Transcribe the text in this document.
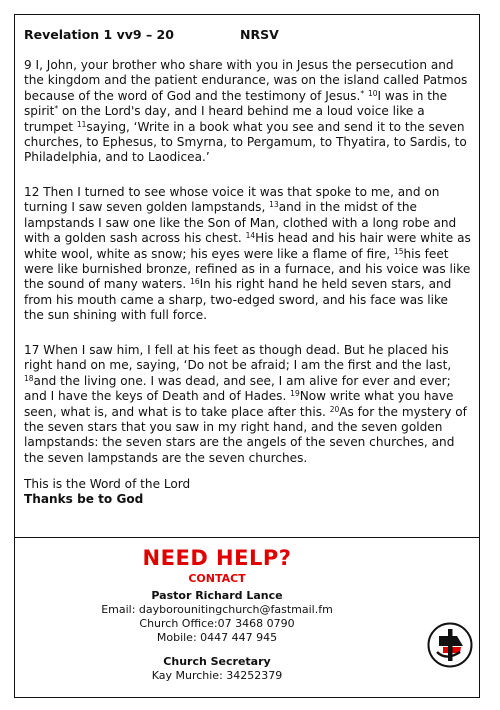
Revelation 1 vv9 – 20	NRSV

9 I, John, your brother who share with you in Jesus the persecution and the kingdom and the patient endurance, was on the island called Patmos because of the word of God and the testimony of Jesus.* $^{10}$I was in the spirit* on the Lord's day, and I heard behind me a loud voice like a trumpet $^{11}$saying, ‘Write in a book what you see and send it to the seven churches, to Ephesus, to Smyrna, to Pergamum, to Thyatira, to Sardis, to Philadelphia, and to Laodicea.’

12 Then I turned to see whose voice it was that spoke to me, and on turning I saw seven golden lampstands, $^{13}$and in the midst of the lampstands I saw one like the Son of Man, clothed with a long robe and with a golden sash across his chest. $^{14}$His head and his hair were white as white wool, white as snow; his eyes were like a flame of fire, $^{15}$his feet were like burnished bronze, refined as in a furnace, and his voice was like the sound of many waters. $^{16}$In his right hand he held seven stars, and from his mouth came a sharp, two-edged sword, and his face was like the sun shining with full force.

17 When I saw him, I fell at his feet as though dead. But he placed his right hand on me, saying, ‘Do not be afraid; I am the first and the last, $^{18}$and the living one. I was dead, and see, I am alive for ever and ever; and I have the keys of Death and of Hades. $^{19}$Now write what you have seen, what is, and what is to take place after this. $^{20}$As for the mystery of the seven stars that you saw in my right hand, and the seven golden lampstands: the seven stars are the angels of the seven churches, and the seven lampstands are the seven churches.

This is the Word of the Lord
Thanks be to God
NEED HELP?
CONTACT
Pastor Richard Lance
Email: dayborounitingchurch@fastmail.fm
Church Office:07 3468 0790
Mobile: 0447 447 945
Church Secretary
Kay Murchie: 34252379
